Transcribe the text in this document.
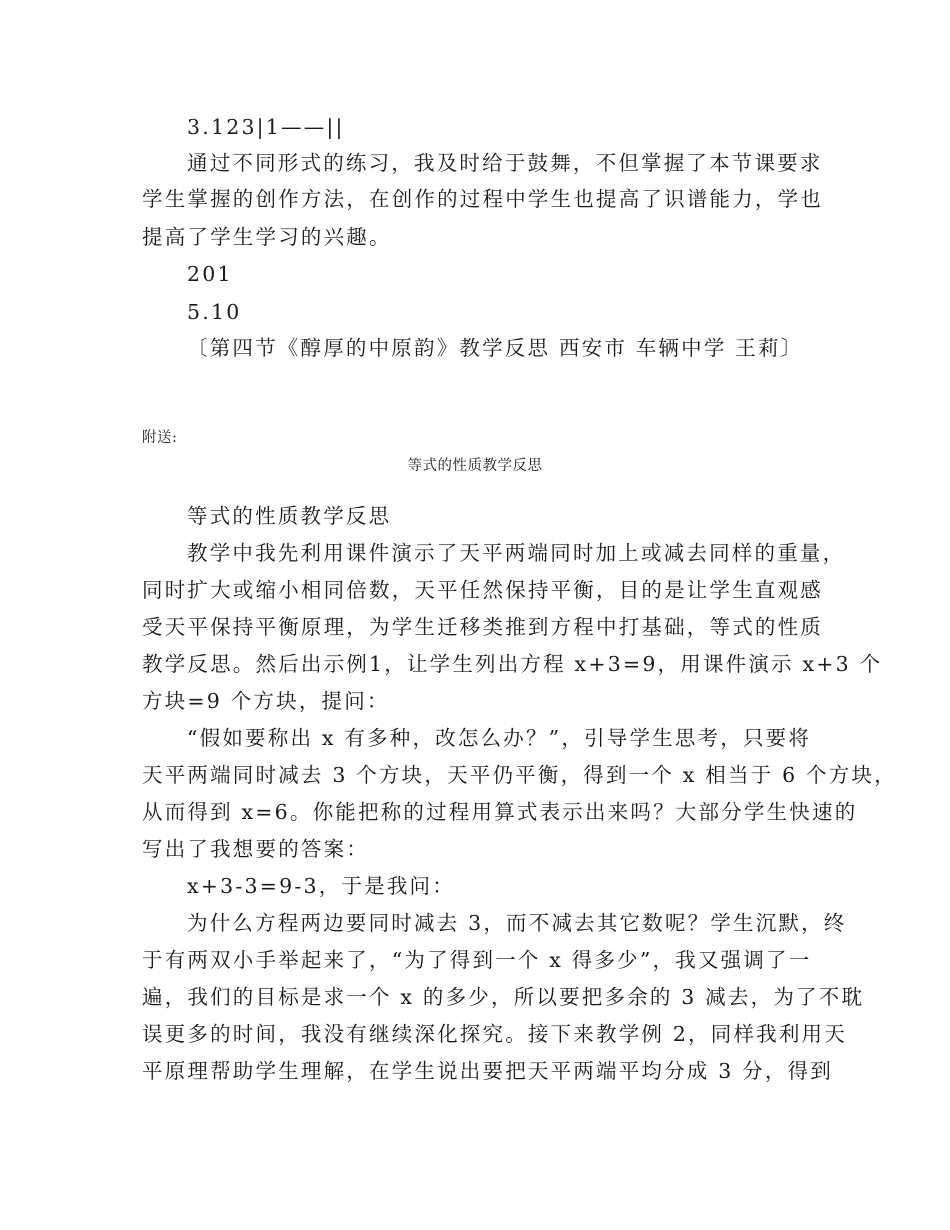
3.123|1——||
通过不同形式的练习，我及时给于鼓舞，不但掌握了本节课要求
学生掌握的创作方法，在创作的过程中学生也提高了识谱能力，学也
提高了学生学习的兴趣。
201
5.10
〔第四节《醇厚的中原韵》教学反思 西安市 车辆中学 王莉〕
附送:
等式的性质教学反思
等式的性质教学反思
教学中我先利用课件演示了天平两端同时加上或减去同样的重量，
同时扩大或缩小相同倍数，天平任然保持平衡，目的是让学生直观感
受天平保持平衡原理，为学生迁移类推到方程中打基础，等式的性质
教学反思。然后出示例1，让学生列出方程 x+3=9，用课件演示 x+3 个
方块=9 个方块，提问：
“假如要称出 x 有多种，改怎么办？”，引导学生思考，只要将
天平两端同时减去 3 个方块，天平仍平衡，得到一个 x 相当于 6 个方块，
从而得到 x=6。你能把称的过程用算式表示出来吗？大部分学生快速的
写出了我想要的答案：
x+3-3=9-3，于是我问：
为什么方程两边要同时减去 3，而不减去其它数呢？学生沉默，终
于有两双小手举起来了，“为了得到一个 x 得多少”，我又强调了一
遍，我们的目标是求一个 x 的多少，所以要把多余的 3 减去，为了不耽
误更多的时间，我没有继续深化探究。接下来教学例 2，同样我利用天
平原理帮助学生理解，在学生说出要把天平两端平均分成 3 分，得到
